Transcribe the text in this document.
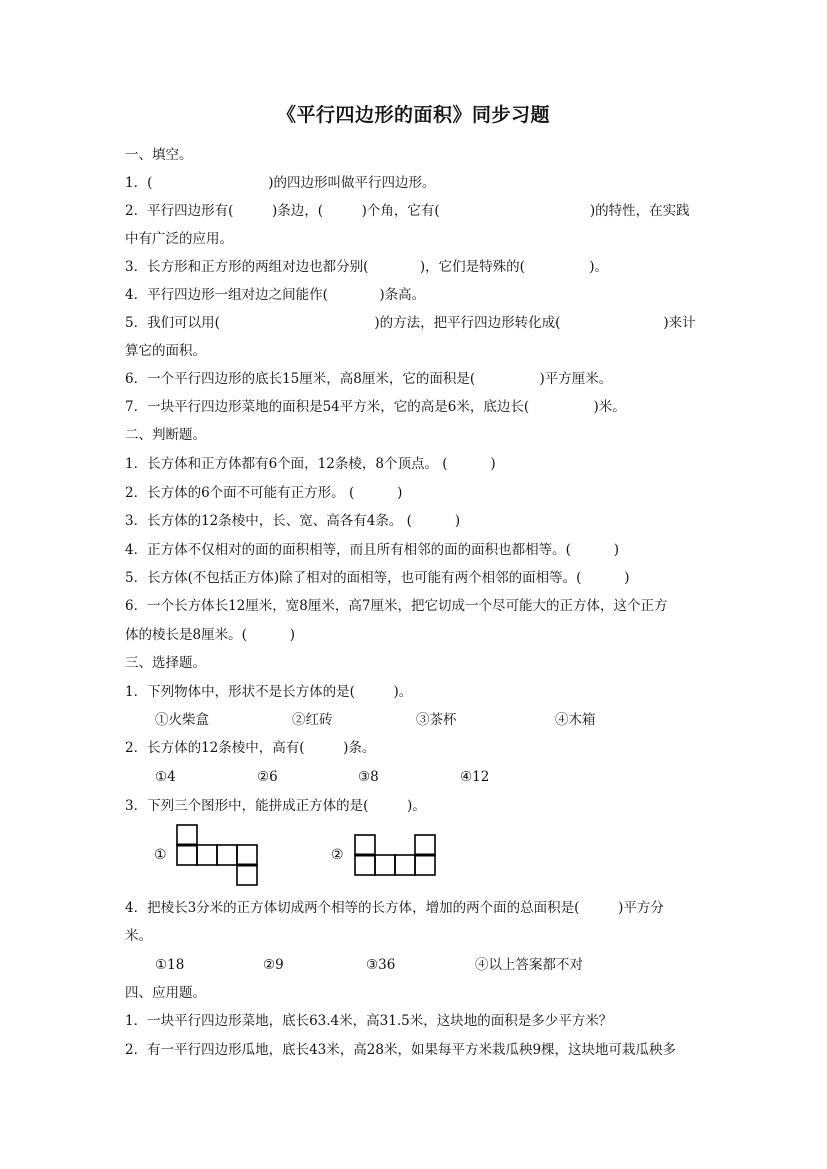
《平行四边形的面积》同步习题
一、填空。
1．(                           )的四边形叫做平行四边形。
2．平行四边形有(         )条边，(         )个角，它有(                                   )的特性，在实践
中有广泛的应用。
3．长方形和正方形的两组对边也都分别(            )，它们是特殊的(               )。
4．平行四边形一组对边之间能作(            )条高。
5．我们可以用(                                    )的方法，把平行四边形转化成(                        )来计
算它的面积。
6．一个平行四边形的底长15厘米，高8厘米，它的面积是(               )平方厘米。
7．一块平行四边形菜地的面积是54平方米，它的高是6米，底边长(               )米。
二、判断题。
1．长方体和正方体都有6个面，12条棱，8个顶点。 (          )
2．长方体的6个面不可能有正方形。 (          )
3．长方体的12条棱中，长、宽、高各有4条。 (          )
4．正方体不仅相对的面的面积相等，而且所有相邻的面的面积也都相等。(          )
5．长方体(不包括正方体)除了相对的面相等，也可能有两个相邻的面相等。(          )
6．一个长方体长12厘米，宽8厘米，高7厘米，把它切成一个尽可能大的正方体，这个正方
体的棱长是8厘米。(          )
三、选择题。
1．下列物体中，形状不是长方体的是(         )。
①火柴盒	②红砖	③茶杯	④木箱
2．长方体的12条棱中，高有(         )条。
①4	②6	③8	④12
3．下列三个图形中，能拼成正方体的是(         )。
①	②
4．把棱长3分米的正方体切成两个相等的长方体，增加的两个面的总面积是(         )平方分
米。
①18	②9	③36	④以上答案都不对
四、应用题。
1．一块平行四边形菜地，底长63.4米，高31.5米，这块地的面积是多少平方米？
2．有一平行四边形瓜地，底长43米，高28米，如果每平方米栽瓜秧9棵，这块地可栽瓜秧多
